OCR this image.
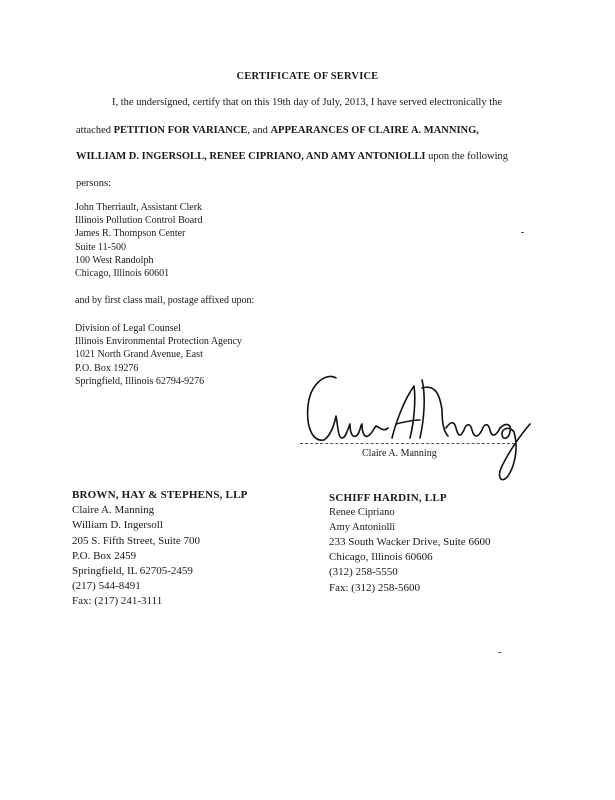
CERTIFICATE OF SERVICE
I, the undersigned, certify that on this 19th day of July, 2013, I have served electronically the
attached PETITION FOR VARIANCE, and APPEARANCES OF CLAIRE A. MANNING,
WILLIAM D. INGERSOLL, RENEE CIPRIANO, AND AMY ANTONIOLLI upon the following
persons:
John Therriault, Assistant Clerk
Illinois Pollution Control Board
James R. Thompson Center
Suite 11-500
100 West Randolph
Chicago, Illinois 60601
and by first class mail, postage affixed upon:
Division of Legal Counsel
Illinois Environmental Protection Agency
1021 North Grand Avenue, East
P.O. Box 19276
Springfield, Illinois 62794-9276
Claire A. Manning
BROWN, HAY & STEPHENS, LLP
Claire A. Manning
William D. Ingersoll
205 S. Fifth Street, Suite 700
P.O. Box 2459
Springfield, IL 62705-2459
(217) 544-8491
Fax: (217) 241-3111
SCHIFF HARDIN, LLP
Renee Cipriano
Amy Antoniolli
233 South Wacker Drive, Suite 6600
Chicago, Illinois 60606
(312) 258-5550
Fax: (312) 258-5600
